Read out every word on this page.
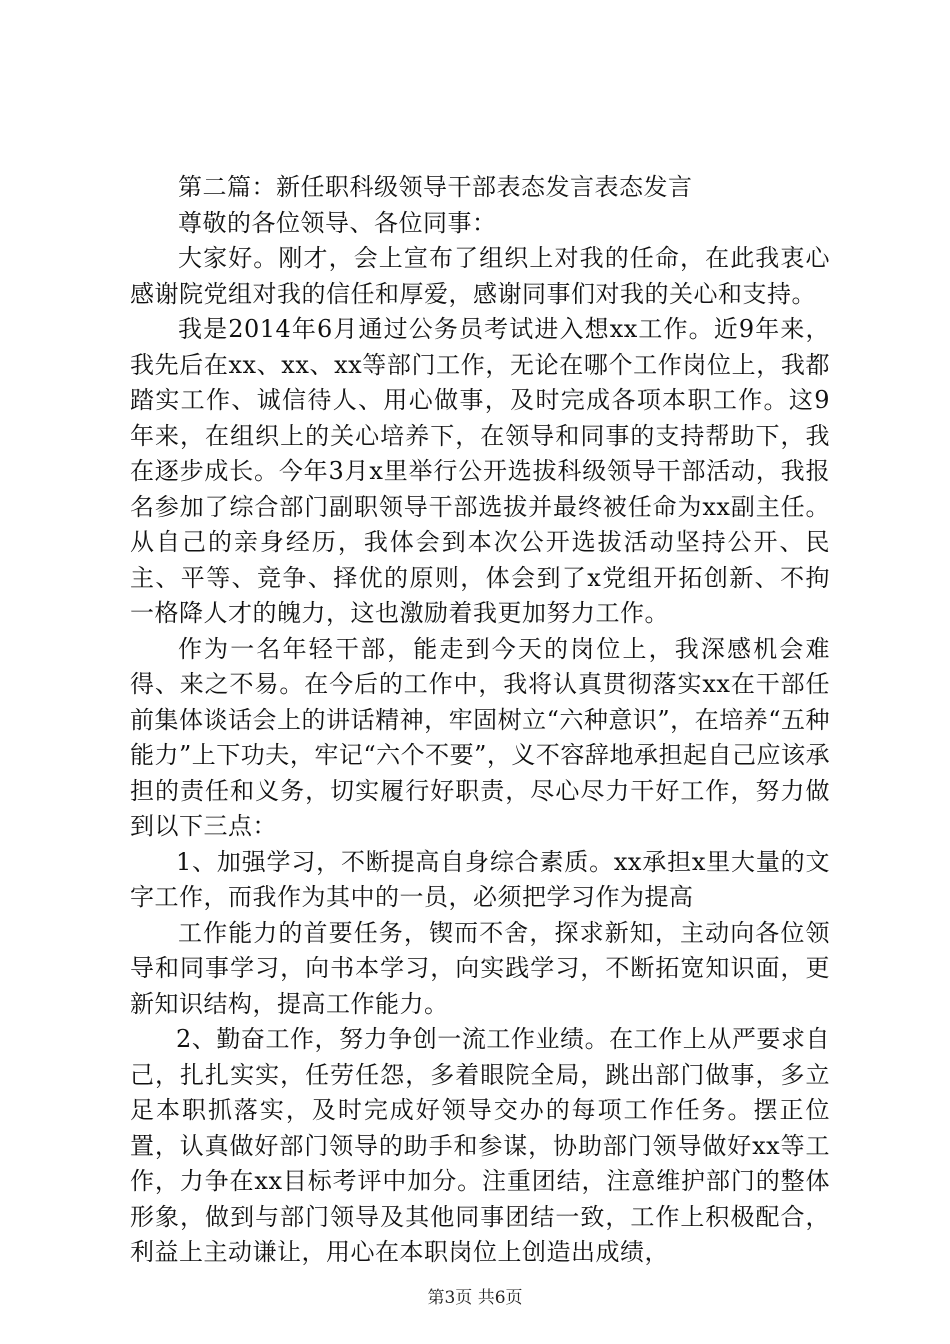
第二篇：新任职科级领导干部表态发言表态发言

尊敬的各位领导、各位同事：

大家好。刚才，会上宣布了组织上对我的任命，在此我衷心感谢院党组对我的信任和厚爱，感谢同事们对我的关心和支持。

我是2014年6月通过公务员考试进入想xx工作。近9年来，我先后在xx、xx、xx等部门工作，无论在哪个工作岗位上，我都踏实工作、诚信待人、用心做事，及时完成各项本职工作。这9年来，在组织上的关心培养下，在领导和同事的支持帮助下，我在逐步成长。今年3月x里举行公开选拔科级领导干部活动，我报名参加了综合部门副职领导干部选拔并最终被任命为xx副主任。从自己的亲身经历，我体会到本次公开选拔活动坚持公开、民主、平等、竞争、择优的原则，体会到了x党组开拓创新、不拘一格降人才的魄力，这也激励着我更加努力工作。

作为一名年轻干部，能走到今天的岗位上，我深感机会难得、来之不易。在今后的工作中，我将认真贯彻落实xx在干部任前集体谈话会上的讲话精神，牢固树立“六种意识”，在培养“五种能力”上下功夫，牢记“六个不要”，义不容辞地承担起自己应该承担的责任和义务，切实履行好职责，尽心尽力干好工作，努力做到以下三点：

1、加强学习，不断提高自身综合素质。xx承担x里大量的文字工作，而我作为其中的一员，必须把学习作为提高

工作能力的首要任务，锲而不舍，探求新知，主动向各位领导和同事学习，向书本学习，向实践学习，不断拓宽知识面，更新知识结构，提高工作能力。

2、勤奋工作，努力争创一流工作业绩。在工作上从严要求自己，扎扎实实，任劳任怨，多着眼院全局，跳出部门做事，多立足本职抓落实，及时完成好领导交办的每项工作任务。摆正位置，认真做好部门领导的助手和参谋，协助部门领导做好xx等工作，力争在xx目标考评中加分。注重团结，注意维护部门的整体形象，做到与部门领导及其他同事团结一致，工作上积极配合，利益上主动谦让，用心在本职岗位上创造出成绩，

第3页 共6页
